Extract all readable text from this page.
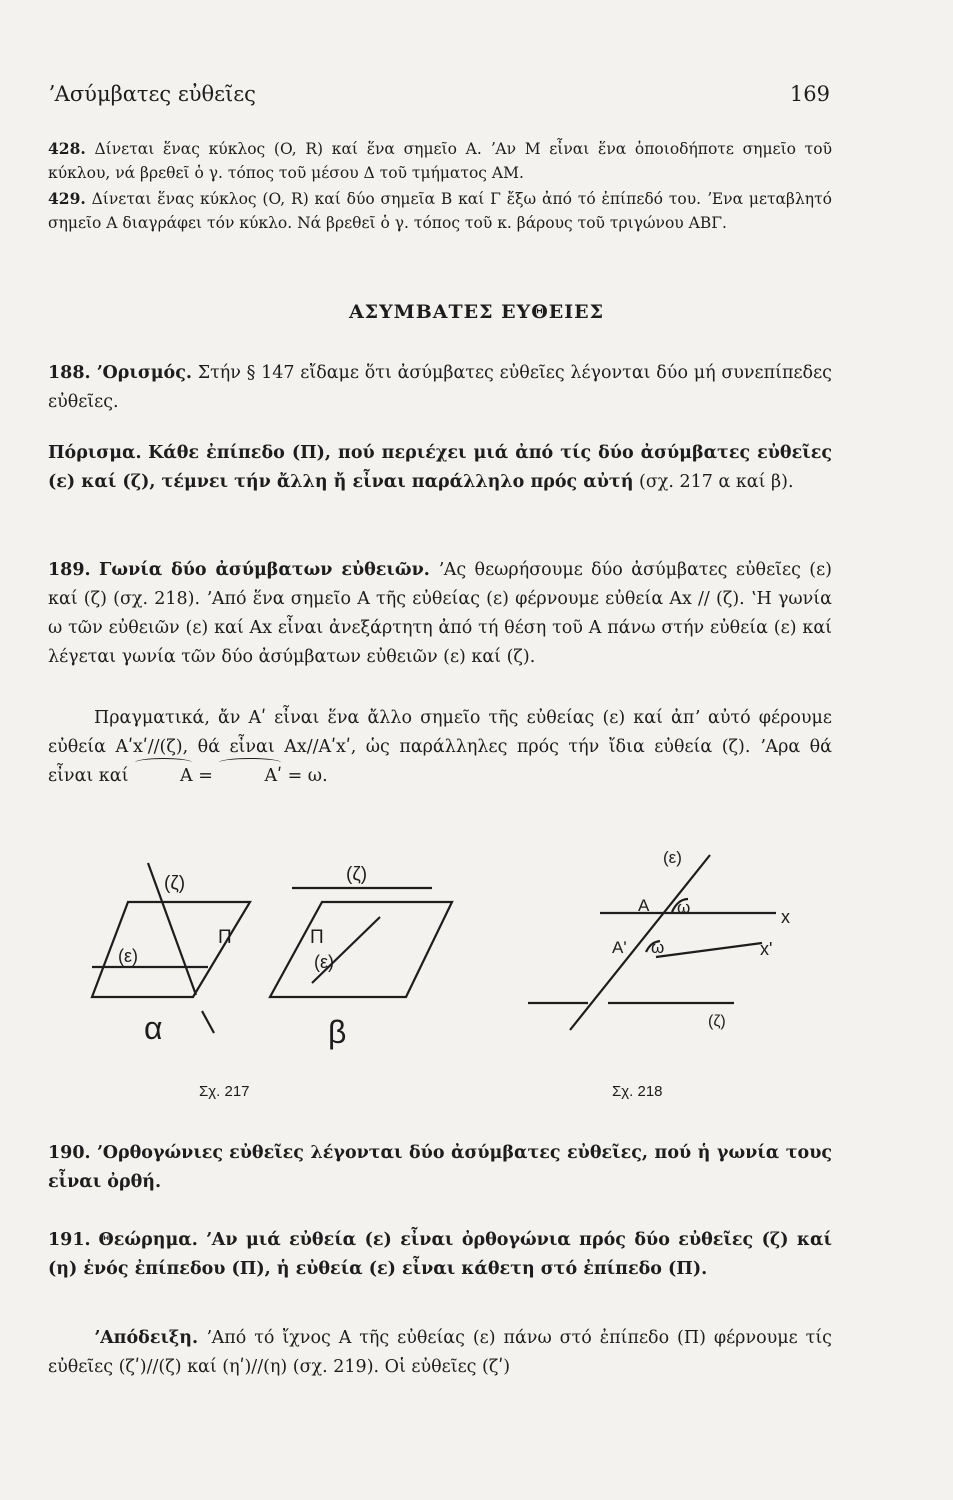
ʼΑσύμβατες εὐθεῖες	169
428. Δίνεται ἕνας κύκλος (O, R) καί ἕνα σημεῖο A. ʼΑν M εἶναι ἕνα ὁποιοδήποτε σημεῖο τοῦ κύκλου, νά βρεθεῖ ὁ γ. τόπος τοῦ μέσου Δ τοῦ τμήματος AM.
429. Δίνεται ἕνας κύκλος (O, R) καί δύο σημεῖα B καί Γ ἔξω ἀπό τό ἐπίπεδό του. ʼΕνα μεταβλητό σημεῖο A διαγράφει τόν κύκλο. Νά βρεθεῖ ὁ γ. τόπος τοῦ κ. βάρους τοῦ τριγώνου ABΓ.
ΑΣΥΜΒΑΤΕΣ ΕΥΘΕΙΕΣ
188. ʼΟρισμός. Στήν § 147 εἴδαμε ὅτι ἀσύμβατες εὐθεῖες λέγονται δύο μή συνεπίπεδες εὐθεῖες.
Πόρισμα. Κάθε ἐπίπεδο (Π), πού περιέχει μιά ἀπό τίς δύο ἀσύμβατες εὐθεῖες (ε) καί (ζ), τέμνει τήν ἄλλη ἤ εἶναι παράλληλο πρός αὐτή (σχ. 217 α καί β).
189. Γωνία δύο ἀσύμβατων εὐθειῶν. ʼΑς θεωρήσουμε δύο ἀσύμβατες εὐθεῖες (ε) καί (ζ) (σχ. 218). ʼΑπό ἕνα σημεῖο A τῆς εὐθείας (ε) φέρνουμε εὐθεία Ax // (ζ). ʽΗ γωνία ω τῶν εὐθειῶν (ε) καί Ax εἶναι ἀνεξάρτητη ἀπό τή θέση τοῦ A πάνω στήν εὐθεία (ε) καί λέγεται γωνία τῶν δύο ἀσύμβατων εὐθειῶν (ε) καί (ζ).
Πραγματικά, ἄν Aʹ εἶναι ἕνα ἄλλο σημεῖο τῆς εὐθείας (ε) καί ἀπʼ αὐτό φέρουμε εὐθεία Aʹxʹ//(ζ), θά εἶναι Ax//Aʹxʹ, ὡς παράλληλες πρός τήν ἴδια εὐθεία (ζ). ʼΑρα θά εἶναι καί	A =	Aʹ = ω.
(ζ)
Π
(ε)
α
(ζ)
Π
(ε)
β
Σχ. 217
(ε)
A ω	x
Aʹ ω	xʹ
(ζ)
Σχ. 218
190. ʼΟρθογώνιες εὐθεῖες λέγονται δύο ἀσύμβατες εὐθεῖες, πού ἡ γωνία τους εἶναι ὀρθή.
191. Θεώρημα. ʼΑν μιά εὐθεία (ε) εἶναι ὀρθογώνια πρός δύο εὐθεῖες (ζ) καί (η) ἑνός ἐπίπεδου (Π), ἡ εὐθεία (ε) εἶναι κάθετη στό ἐπίπεδο (Π).
ʼΑπόδειξη. ʼΑπό τό ἴχνος A τῆς εὐθείας (ε) πάνω στό ἐπίπεδο (Π) φέρνουμε τίς εὐθεῖες (ζʹ)//(ζ) καί (ηʹ)//(η) (σχ. 219). Οἱ εὐθεῖες (ζʹ)
